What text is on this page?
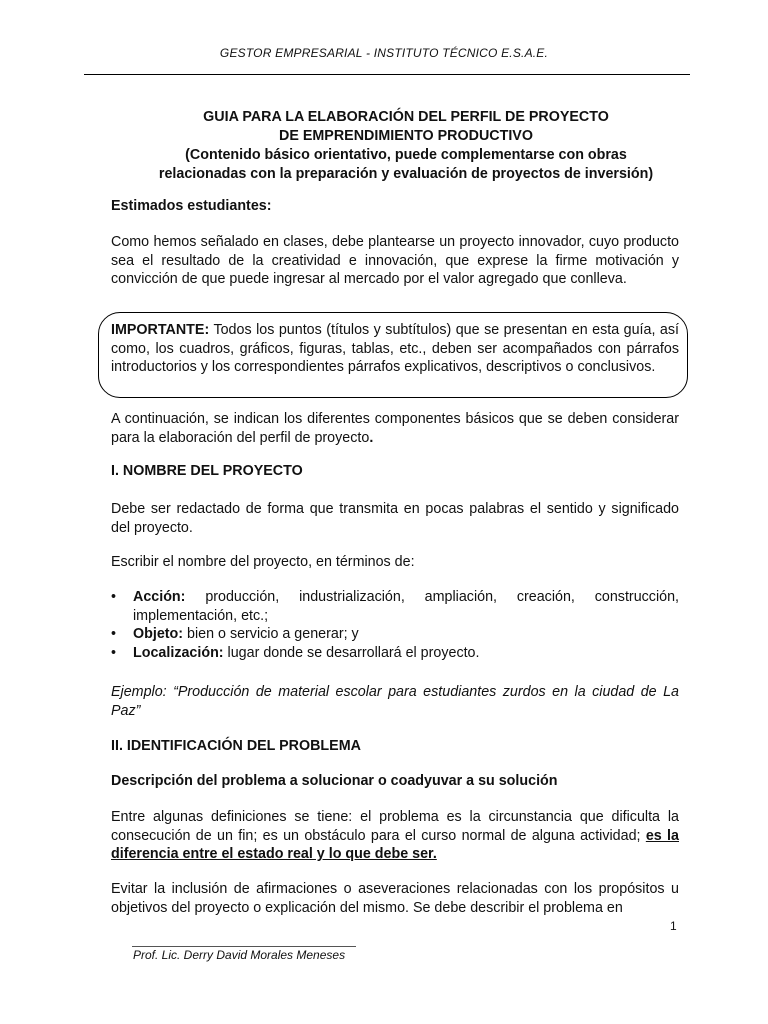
GESTOR EMPRESARIAL - INSTITUTO TÉCNICO E.S.A.E.
GUIA PARA LA ELABORACIÓN DEL PERFIL DE PROYECTO
DE EMPRENDIMIENTO PRODUCTIVO
(Contenido básico orientativo, puede complementarse con obras
relacionadas con la preparación y evaluación de proyectos de inversión)
Estimados estudiantes:
Como hemos señalado en clases, debe plantearse un proyecto innovador, cuyo producto sea el resultado de la creatividad e innovación, que exprese la firme motivación y convicción de que puede ingresar al mercado por el valor agregado que conlleva.
IMPORTANTE: Todos los puntos (títulos y subtítulos) que se presentan en esta guía, así como, los cuadros, gráficos, figuras, tablas, etc., deben ser acompañados con párrafos introductorios y los correspondientes párrafos explicativos, descriptivos o conclusivos.
A continuación, se indican los diferentes componentes básicos que se deben considerar para la elaboración del perfil de proyecto.
I. NOMBRE DEL PROYECTO
Debe ser redactado de forma que transmita en pocas palabras el sentido y significado del proyecto.
Escribir el nombre del proyecto, en términos de:
• Acción: producción, industrialización, ampliación, creación, construcción, implementación, etc.;
• Objeto: bien o servicio a generar; y
• Localización: lugar donde se desarrollará el proyecto.
Ejemplo: “Producción de material escolar para estudiantes zurdos en la ciudad de La Paz”
II. IDENTIFICACIÓN DEL PROBLEMA
Descripción del problema a solucionar o coadyuvar a su solución
Entre algunas definiciones se tiene: el problema es la circunstancia que dificulta la consecución de un fin; es un obstáculo para el curso normal de alguna actividad; es la diferencia entre el estado real y lo que debe ser.
Evitar la inclusión de afirmaciones o aseveraciones relacionadas con los propósitos u objetivos del proyecto o explicación del mismo. Se debe describir el problema en
1
Prof. Lic. Derry David Morales Meneses
